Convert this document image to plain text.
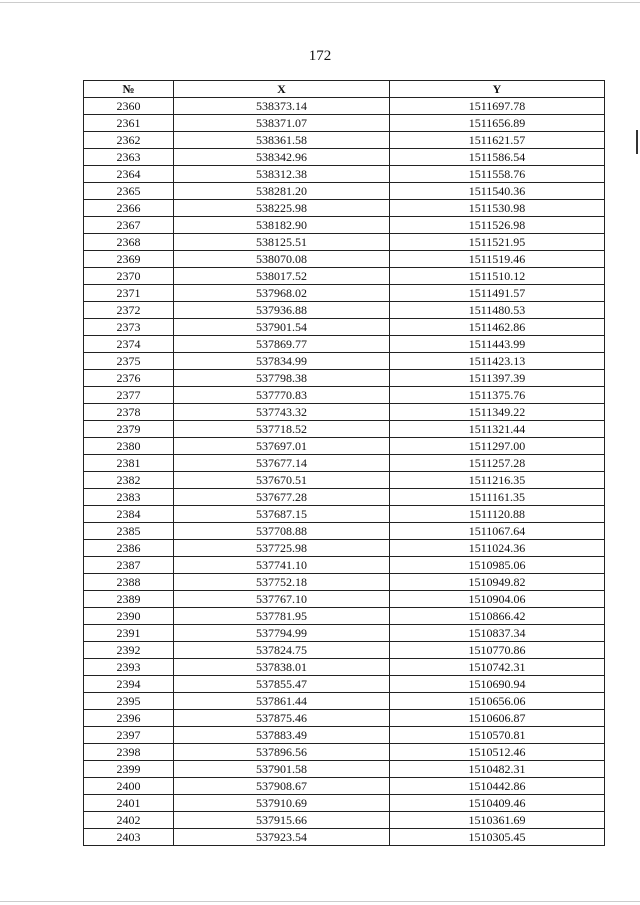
172
№	X	Y
2360	538373.14	1511697.78
2361	538371.07	1511656.89
2362	538361.58	1511621.57
2363	538342.96	1511586.54
2364	538312.38	1511558.76
2365	538281.20	1511540.36
2366	538225.98	1511530.98
2367	538182.90	1511526.98
2368	538125.51	1511521.95
2369	538070.08	1511519.46
2370	538017.52	1511510.12
2371	537968.02	1511491.57
2372	537936.88	1511480.53
2373	537901.54	1511462.86
2374	537869.77	1511443.99
2375	537834.99	1511423.13
2376	537798.38	1511397.39
2377	537770.83	1511375.76
2378	537743.32	1511349.22
2379	537718.52	1511321.44
2380	537697.01	1511297.00
2381	537677.14	1511257.28
2382	537670.51	1511216.35
2383	537677.28	1511161.35
2384	537687.15	1511120.88
2385	537708.88	1511067.64
2386	537725.98	1511024.36
2387	537741.10	1510985.06
2388	537752.18	1510949.82
2389	537767.10	1510904.06
2390	537781.95	1510866.42
2391	537794.99	1510837.34
2392	537824.75	1510770.86
2393	537838.01	1510742.31
2394	537855.47	1510690.94
2395	537861.44	1510656.06
2396	537875.46	1510606.87
2397	537883.49	1510570.81
2398	537896.56	1510512.46
2399	537901.58	1510482.31
2400	537908.67	1510442.86
2401	537910.69	1510409.46
2402	537915.66	1510361.69
2403	537923.54	1510305.45
